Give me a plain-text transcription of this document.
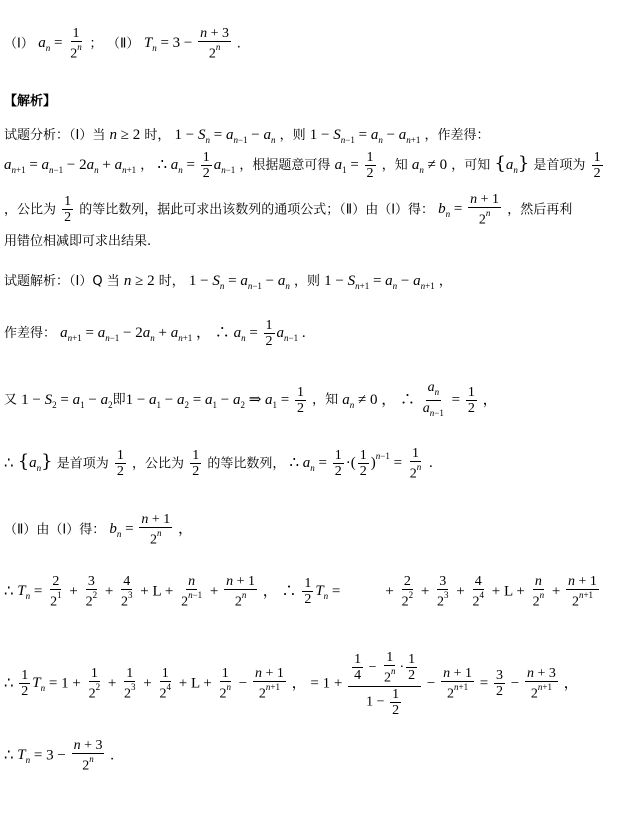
（Ⅰ） $a_n = \frac{1}{2^n}$ ； （Ⅱ） $T_n = 3 - \frac{n + 3}{2^n}$ .
【解析】
试题分析：（Ⅰ）当 n ≥ 2 时， $1 - S_n = a_{n-1} - a_n$ ，则 $1 - S_{n-1} = a_n - a_{n+1}$ ，作差得：
$a_{n+1} = a_{n-1} - 2a_n + a_{n+1}$ ， ∴ $a_n = \frac{1}{2} a_{n-1}$ ，根据题意可得 $a_1 = \frac{1}{2}$ ，知 $a_n \ne 0$ ，可知 $\{a_n\}$ 是首项为 $\frac{1}{2}$
，公比为 $\frac{1}{2}$ 的等比数列，据此可求出该数列的通项公式；（Ⅱ）由（Ⅰ）得： $b_n = \frac{n + 1}{2^n}$ ，然后再利
用错位相减即可求出结果.
试题解析：（Ⅰ）Q 当 n ≥ 2 时， $1 - S_n = a_{n-1} - a_n$ ，则 $1 - S_{n+1} = a_n - a_{n+1}$ ，
作差得： $a_{n+1} = a_{n-1} - 2a_n + a_{n+1}$ ， ∴ $a_n = \frac{1}{2} a_{n-1}$ .
又 $1 - S_2 = a_1 - a_2$即$1 - a_1 - a_2 = a_1 - a_2$ ⇒ $a_1 = \frac{1}{2}$ ，知 $a_n \ne 0$ ， ∴ $\frac{a_n}{a_{n-1}} = \frac{1}{2}$ ，
∴ $\{a_n\}$ 是首项为 $\frac{1}{2}$ ，公比为 $\frac{1}{2}$ 的等比数列， ∴ $a_n = \frac{1}{2}$ ·( $\frac{1}{2} )^{n-1} = \frac{1}{2^n}$ .
（Ⅱ）由（Ⅰ）得： $b_n = \frac{n + 1}{2^n}$ ，
∴ $T_n = \frac{2}{2^1} + \frac{3}{2^2} + \frac{4}{2^3} + L + \frac{n}{2^{n-1}} + \frac{n + 1}{2^n}$ ， ∴ $\frac{1}{2} T_n$ =            + $\frac{2}{2^2} + \frac{3}{2^3} + \frac{4}{2^4} + L + \frac{n}{2^n} + \frac{n + 1}{2^{n+1}}$
∴ $\frac{1}{2} T_n = 1 + \frac{1}{2^2} + \frac{1}{2^3} + \frac{1}{2^4} + L + \frac{1}{2^n} - \frac{n + 1}{2^{n+1}}$ ， = $1 + \frac{\frac{1}{4} - \frac{1}{2^n} \cdot \frac{1}{2}}{1 - \frac{1}{2}} - \frac{n + 1}{2^{n+1}} = \frac{3}{2} - \frac{n + 3}{2^{n+1}}$ ，
∴ $T_n = 3 - \frac{n + 3}{2^n}$ .
